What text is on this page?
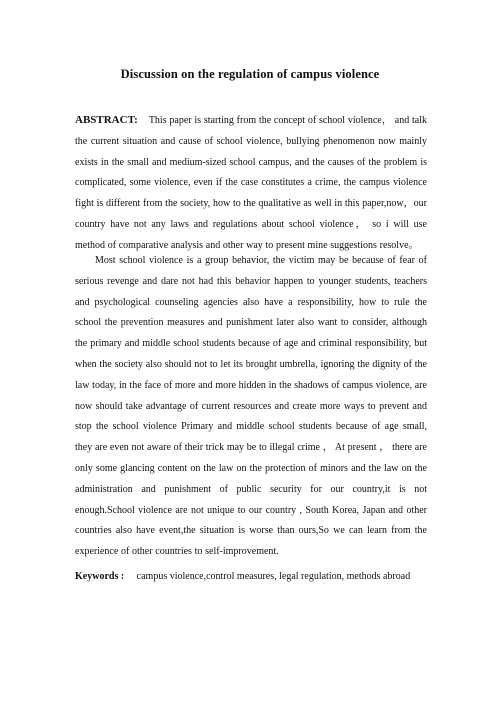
Discussion on the regulation of campus violence
ABSTRACT: This paper is starting from the concept of school violence， and talk the current situation and cause of school violence, bullying phenomenon now mainly exists in the small and medium-sized school campus, and the causes of the problem is complicated, some violence, even if the case constitutes a crime, the campus violence fight is different from the society, how to the qualitative as well in this paper,now，our country have not any laws and regulations about school violence， so i will use method of comparative analysis and other way to present mine suggestions resolve。
Most school violence is a group behavior, the victim may be because of fear of serious revenge and dare not had this behavior happen to younger students, teachers and psychological counseling agencies also have a responsibility, how to rule the school the prevention measures and punishment later also want to consider, although the primary and middle school students because of age and criminal responsibility, but when the society also should not to let its brought umbrella, ignoring the dignity of the law today, in the face of more and more hidden in the shadows of campus violence, are now should take advantage of current resources and create more ways to prevent and stop the school violence Primary and middle school students because of age small, they are even not aware of their trick may be to illegal crime ， At present ， there are only some glancing content on the law on the protection of minors and the law on the administration and punishment of public security for our country,it is not enough.School violence are not unique to our country , South Korea, Japan and other countries also have event,the situation is worse than ours,So we can learn from the experience of other countries to self-improvement.
Keywords : campus violence,control measures, legal regulation, methods abroad
